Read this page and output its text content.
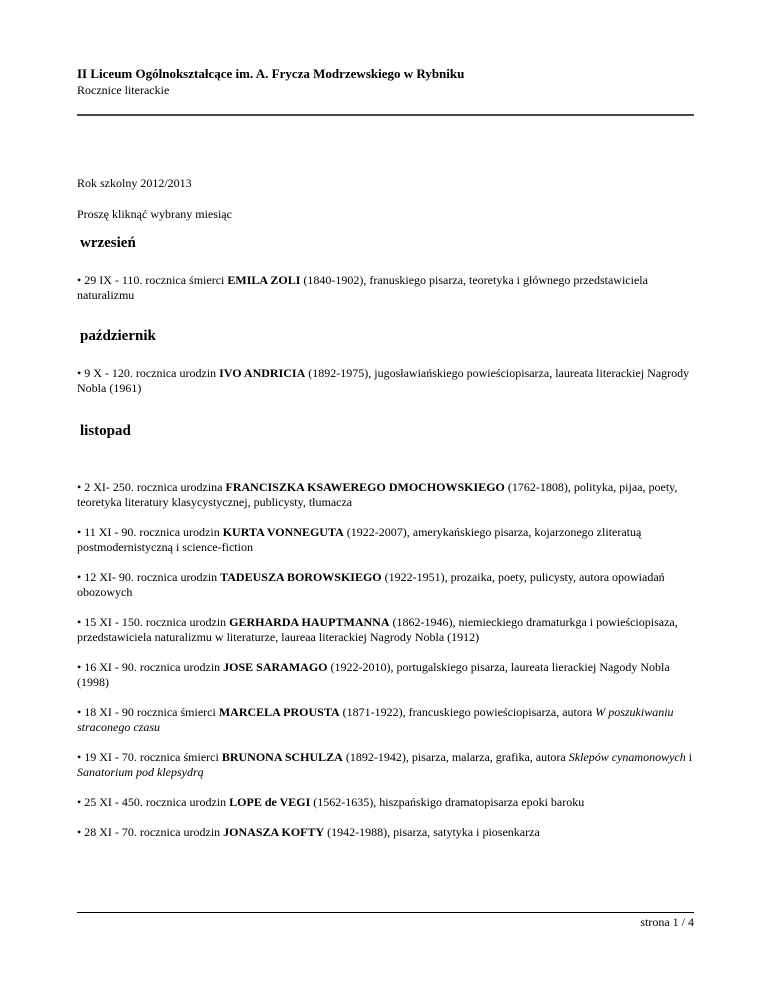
II Liceum Ogólnokształcące im. A. Frycza Modrzewskiego w Rybniku
Rocznice literackie

Rok szkolny 2012/2013

Proszę kliknąć wybrany miesiąc

wrzesień

• 29 IX - 110. rocznica śmierci EMILA ZOLI (1840-1902), franuskiego pisarza, teoretyka i głównego przedstawiciela naturalizmu

październik

• 9 X - 120. rocznica urodzin IVO ANDRICIA (1892-1975), jugosławiańskiego powieściopisarza, laureata literackiej Nagrody Nobla (1961)

listopad

• 2 XI- 250. rocznica urodzina FRANCISZKA KSAWEREGO DMOCHOWSKIEGO (1762-1808), polityka, pijaa, poety, teoretyka literatury klasycystycznej, publicysty, tłumacza

• 11 XI - 90. rocznica urodzin KURTA VONNEGUTA (1922-2007), amerykańskiego pisarza, kojarzonego zliteratuą postmodernistyczną i science-fiction

• 12 XI- 90. rocznica urodzin TADEUSZA BOROWSKIEGO (1922-1951), prozaika, poety, pulicysty, autora opowiadań obozowych

• 15 XI - 150. rocznica urodzin GERHARDA HAUPTMANNA (1862-1946), niemieckiego dramaturkga i powieściopisaza, przedstawiciela naturalizmu w literaturze, laureaa literackiej Nagrody Nobla (1912)

• 16 XI - 90. rocznica urodzin JOSE SARAMAGO (1922-2010), portugalskiego pisarza, laureata lierackiej Nagody Nobla (1998)

• 18 XI - 90 rocznica śmierci MARCELA PROUSTA (1871-1922), francuskiego powieściopisarza, autora W poszukiwaniu straconego czasu

• 19 XI - 70. rocznica śmierci BRUNONA SCHULZA (1892-1942), pisarza, malarza, grafika, autora Sklepów cynamonowych i Sanatorium pod klepsydrą

• 25 XI - 450. rocznica urodzin LOPE de VEGI (1562-1635), hiszpańskigo dramatopisarza epoki baroku

• 28 XI - 70. rocznica urodzin JONASZA KOFTY (1942-1988), pisarza, satytyka i piosenkarza

strona 1 / 4
